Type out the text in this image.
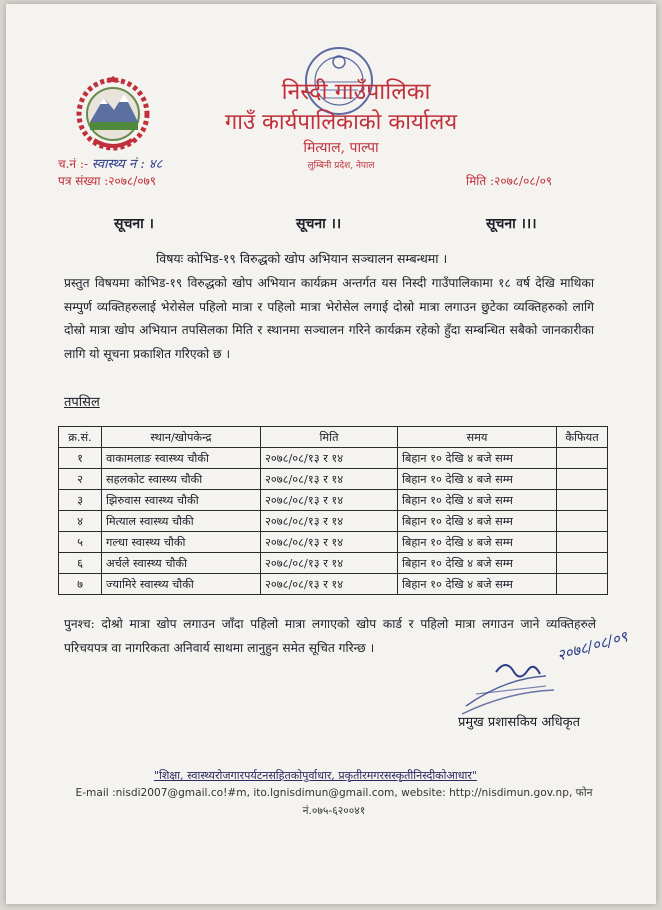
निस्दी गाउँपालिका
गाउँ कार्यपालिकाको कार्यालय
मित्याल, पाल्पा
लुम्बिनी प्रदेश, नेपाल
च.नं :- स्वास्थ्य नं : ४८
पत्र संख्या :२०७८/०७९	मिति :२०७८/०८/०९
सूचना ।	सूचना ।।	सूचना ।।।
विषयः कोभिड-१९ विरुद्धको खोप अभियान सञ्चालन सम्बन्धमा ।
प्रस्तुत विषयमा कोभिड-१९ विरुद्धको खोप अभियान कार्यक्रम अन्तर्गत यस निस्दी गाउँपालिकामा १८ वर्ष देखि माथिका सम्पुर्ण व्यक्तिहरुलाई भेरोसेल पहिलो मात्रा र पहिलो मात्रा भेरोसेल लगाई दोस्रो मात्रा लगाउन छुटेका व्यक्तिहरुको लागि दोस्रो मात्रा खोप अभियान तपसिलका मिति र स्थानमा सञ्चालन गरिने कार्यक्रम रहेको हुँदा सम्बन्धित सबैको जानकारीका लागि यो सूचना प्रकाशित गरिएको छ ।
तपसिल
क्र.सं.	स्थान/खोपकेन्द्र	मिति	समय	कैफियत
१	वाकामलाङ स्वास्थ्य चौकी	२०७८/०८/१३ र १४	बिहान १० देखि ४ बजे सम्म	
२	सहलकोट स्वास्थ्य चौकी	२०७८/०८/१३ र १४	बिहान १० देखि ४ बजे सम्म	
३	झिरुवास स्वास्थ्य चौकी	२०७८/०८/१३ र १४	बिहान १० देखि ४ बजे सम्म	
४	मित्याल स्वास्थ्य चौकी	२०७८/०८/१३ र १४	बिहान १० देखि ४ बजे सम्म	
५	गल्धा स्वास्थ्य चौकी	२०७८/०८/१३ र १४	बिहान १० देखि ४ बजे सम्म	
६	अर्चले स्वास्थ्य चौकी	२०७८/०८/१३ र १४	बिहान १० देखि ४ बजे सम्म	
७	ज्यामिरे स्वास्थ्य चौकी	२०७८/०८/१३ र १४	बिहान १० देखि ४ बजे सम्म	
पुनश्च: दोश्रो मात्रा खोप लगाउन जाँदा पहिलो मात्रा लगाएको खोप कार्ड र पहिलो मात्रा लगाउन जाने व्यक्तिहरुले परिचयपत्र वा नागरिकता अनिवार्य साथमा लानुहुन समेत सूचित गरिन्छ ।	२०७८/०८/०९
प्रमुख प्रशासकिय अधिकृत
"शिक्षा, स्वास्थ्यरोजगारपर्यटनसहितकोपुर्वाधार, प्रकृतीरमगरसस्कृतीनिस्दीकोआधार"
E-mail :nisdi2007@gmail.co!#m, ito.lgnisdimun@gmail.com, website: http://nisdimun.gov.np, फोन नं.०७५-६२००४१
